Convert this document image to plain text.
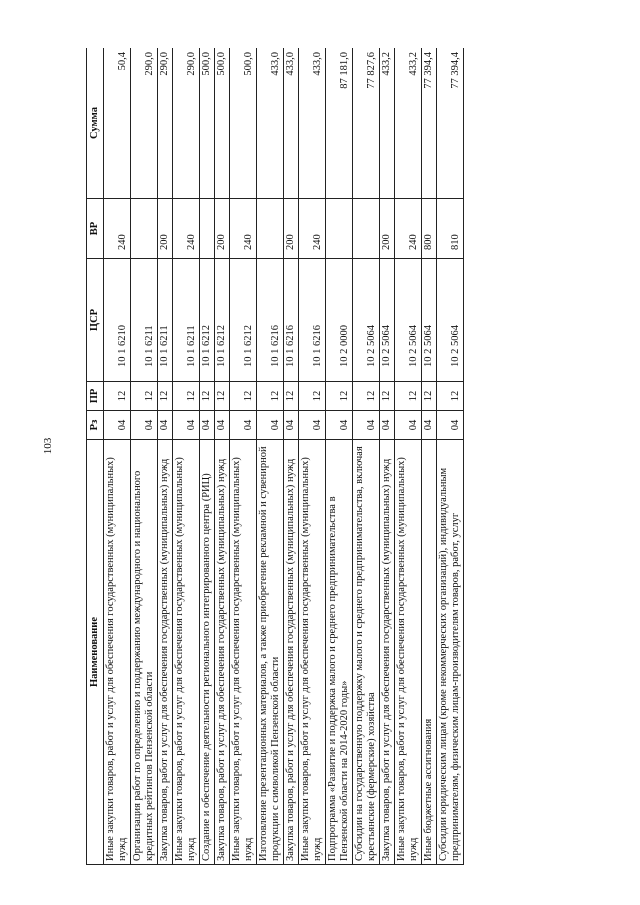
103
Наименование	Рз	ПР	ЦСР	ВР	Сумма
Иные закупки товаров, работ и услуг для обеспечения государственных (муниципальных) нужд	04	12	10 1 6210	240	50,4
Организация работ по определению и поддержанию международного и национального кредитных рейтингов Пензенской области	04	12	10 1 6211		290,0
Закупка товаров, работ и услуг для обеспечения государственных (муниципальных) нужд	04	12	10 1 6211	200	290,0
Иные закупки товаров, работ и услуг для обеспечения государственных (муниципальных) нужд	04	12	10 1 6211	240	290,0
Создание и обеспечение деятельности регионального интегрированного центра (РИЦ)	04	12	10 1 6212		500,0
Закупка товаров, работ и услуг для обеспечения государственных (муниципальных) нужд	04	12	10 1 6212	200	500,0
Иные закупки товаров, работ и услуг для обеспечения государственных (муниципальных) нужд	04	12	10 1 6212	240	500,0
Изготовление презентационных материалов, а также приобретение рекламной и сувенирной продукции с символикой Пензенской области	04	12	10 1 6216		433,0
Закупка товаров, работ и услуг для обеспечения государственных (муниципальных) нужд	04	12	10 1 6216	200	433,0
Иные закупки товаров, работ и услуг для обеспечения государственных (муниципальных) нужд	04	12	10 1 6216	240	433,0
Подпрограмма «Развитие и поддержка малого и среднего предпринимательства в Пензенской области на 2014-2020 годы»	04	12	10 2 0000		87 181,0
Субсидии на государственную поддержку малого и среднего предпринимательства, включая крестьянские (фермерские) хозяйства	04	12	10 2 5064		77 827,6
Закупка товаров, работ и услуг для обеспечения государственных (муниципальных) нужд	04	12	10 2 5064	200	433,2
Иные закупки товаров, работ и услуг для обеспечения государственных (муниципальных) нужд	04	12	10 2 5064	240	433,2
Иные бюджетные ассигнования	04	12	10 2 5064	800	77 394,4
Субсидии юридическим лицам (кроме некоммерческих организаций), индивидуальным предпринимателям, физическим лицам-производителям товаров, работ, услуг	04	12	10 2 5064	810	77 394,4
